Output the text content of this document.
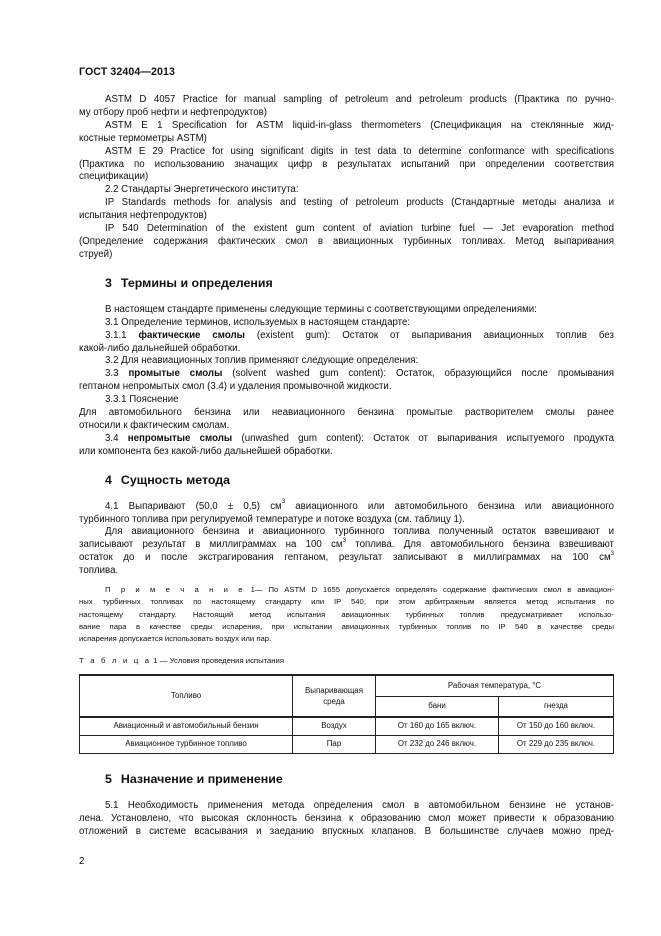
ГОСТ 32404—2013

ASTM D 4057 Practice for manual sampling of petroleum and petroleum products (Практика по ручно-

му отбору проб нефти и нефтепродуктов)

ASTM E 1 Specification for ASTM liquid-in-glass thermometers (Спецификация на стеклянные жид-

костные термометры ASTM)

ASTM E 29 Practice for using significant digits in test data to determine conformance with specifications

(Практика по использованию значащих цифр в результатах испытаний при определении соответствия

спецификации)

2.2 Стандарты Энергетического института:

IP Standards methods for analysis and testing of petroleum products (Стандартные методы анализа и

испытания нефтепродуктов)

IP 540 Determination of the existent gum content of aviation turbine fuel — Jet evaporation method

(Определение содержания фактических смол в авиационных турбинных топливах. Метод выпаривания

струей)

3 Термины и определения

В настоящем стандарте применены следующие термины с соответствующими определениями:

3.1 Определение терминов, используемых в настоящем стандарте:

3.1.1 фактические смолы (existent gum): Остаток от выпаривания авиационных топлив без

какой-либо дальнейшей обработки.

3.2 Для неавиационных топлив применяют следующие определения:

3.3 промытые смолы (solvent washed gum content): Остаток, образующийся после промывания

гептаном непромытых смол (3.4) и удаления промывочной жидкости.

3.3.1 Пояснение

Для автомобильного бензина или неавиационного бензина промытые растворителем смолы ранее

относили к фактическим смолам.

3.4 непромытые смолы (unwashed gum content): Остаток от выпаривания испытуемого продукта

или компонента без какой-либо дальнейшей обработки.

4 Сущность метода

4.1 Выпаривают (50,0 ± 0,5) $см^3$ авиационного или автомобильного бензина или авиационного

турбинного топлива при регулируемой температуре и потоке воздуха (см. таблицу 1).

Для авиационного бензина и авиационного турбинного топлива полученный остаток взвешивают и

записывают результат в миллиграммах на 100 $см^3$ топлива. Для автомобильного бензина взвешивают

остаток до и после экстрагирования гептаном, результат записывают в миллиграммах на 100 $см^3$

топлива.

П р и м е ч а н и е 1— По ASTM D 1655 допускается определять содержание фактических смол в авиацион-
ных турбинных топливах по настоящему стандарту или IP 540, при этом арбитражным является метод испытания по
настоящему стандарту. Настоящий метод испытания авиационных турбинных топлив предусматривает использо-
вание пара в качестве среды испарения, при испытании авиационных турбинных топлив по IP 540 в качестве среды
испарения допускается использовать воздух или пар.
Т а б л и ц а 1 — Условия проведения испытания
Топливо	Выпаривающая среда	Рабочая температура, °С	
		бани	гнезда
Авиационный и автомобильный бензин	Воздух	От 160 до 165 включ.	От 150 до 160 включ.
Авиационное турбинное топливо	Пар	От 232 до 246 включ.	От 229 до 235 включ.
5 Назначение и применение

5.1 Необходимость применения метода определения смол в автомобильном бензине не установ-

лена. Установлено, что высокая склонность бензина к образованию смол может привести к образованию

отложений в системе всасывания и заеданию впускных клапанов. В большинстве случаев можно пред-

2
